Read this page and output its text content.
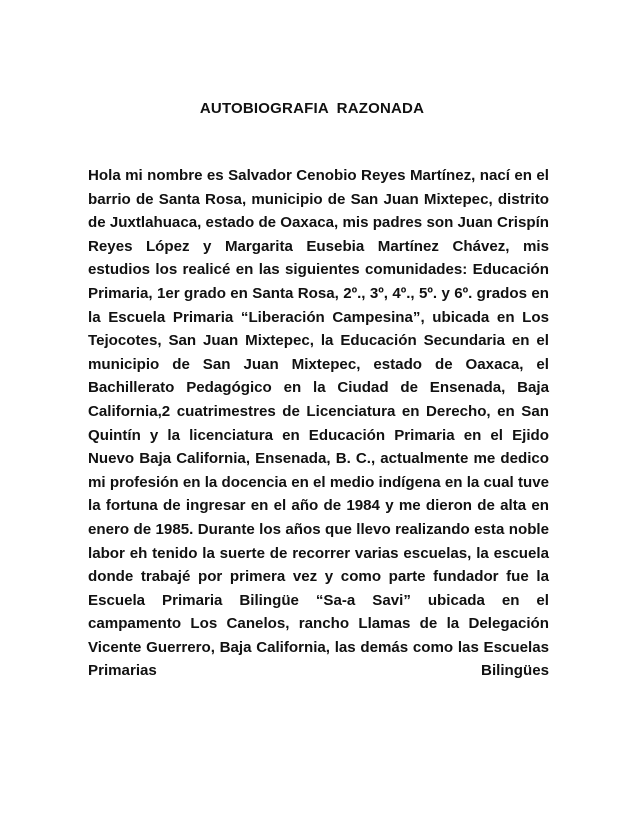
AUTOBIOGRAFIA RAZONADA

Hola mi nombre es Salvador Cenobio Reyes Martínez, nací en el barrio de Santa Rosa, municipio de San Juan Mixtepec, distrito de Juxtlahuaca, estado de Oaxaca, mis padres son Juan Crispín Reyes López y Margarita Eusebia Martínez Chávez, mis estudios los realicé en las siguientes comunidades: Educación Primaria, 1er grado en Santa Rosa, 2º., 3º, 4º., 5º. y 6º. grados en la Escuela Primaria “Liberación Campesina”, ubicada en Los Tejocotes, San Juan Mixtepec, la Educación Secundaria en el municipio de San Juan Mixtepec, estado de Oaxaca, el Bachillerato Pedagógico en la Ciudad de Ensenada, Baja California,2 cuatrimestres de Licenciatura en Derecho, en San Quintín y la licenciatura en Educación Primaria en el Ejido Nuevo Baja California, Ensenada, B. C., actualmente me dedico mi profesión en la docencia en el medio indígena en la cual tuve la fortuna de ingresar en el año de 1984 y me dieron de alta en enero de 1985. Durante los años que llevo realizando esta noble labor eh tenido la suerte de recorrer varias escuelas, la escuela donde trabajé por primera vez y como parte fundador fue la Escuela Primaria Bilingüe “Sa-a Savi” ubicada en el campamento Los Canelos, rancho Llamas de la Delegación Vicente Guerrero, Baja California, las demás como las Escuelas Primarias Bilingües
